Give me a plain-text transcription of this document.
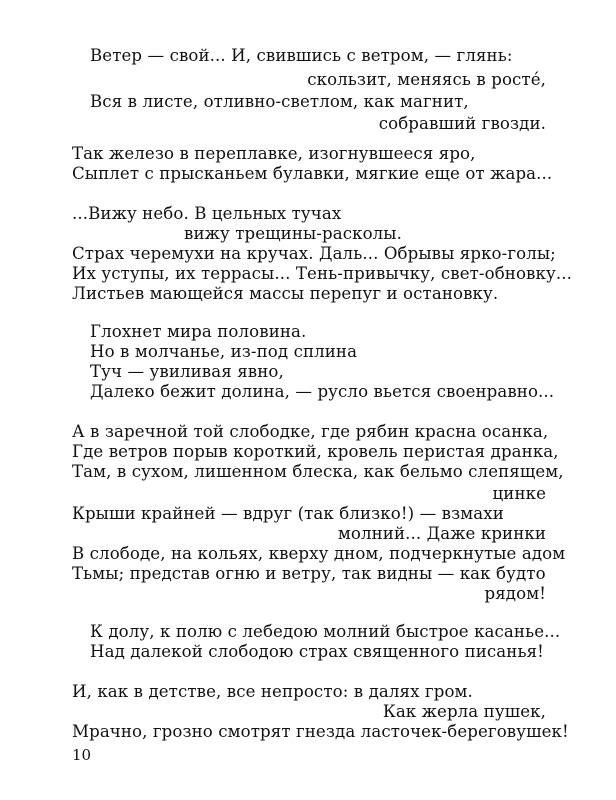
Ветер — свой... И, свившись с ветром, — глянь:
скользит, меняясь в росте́,
Вся в листе, отливно-светлом, как магнит,
собравший гвозди.
Так железо в переплавке, изогнувшееся яро,
Сыплет с прысканьем булавки, мягкие еще от жара...
...Вижу небо. В цельных тучах
вижу трещины-расколы.
Страх черемухи на кручах. Даль... Обрывы ярко-голы;
Их уступы, их террасы... Тень-привычку, свет-обновку...
Листьев мающейся массы перепуг и остановку.
Глохнет мира половина.
Но в молчанье, из-под сплина
Туч — увиливая явно,
Далеко бежит долина, — русло вьется своенравно...
А в заречной той слободке, где рябин красна осанка,
Где ветров порыв короткий, кровель перистая дранка,
Там, в сухом, лишенном блеска, как бельмо слепящем,
цинке
Крыши крайней — вдруг (так близко!) — взмахи
молний... Даже кринки
В слободе, на кольях, кверху дном, подчеркнутые адом
Тьмы; представ огню и ветру, так видны — как будто
рядом!
К долу, к полю с лебедою молний быстрое касанье...
Над далекой слободою страх священного писанья!
И, как в детстве, все непросто: в далях гром.
Как жерла пушек,
Мрачно, грозно смотрят гнезда ласточек-береговушек!
10
